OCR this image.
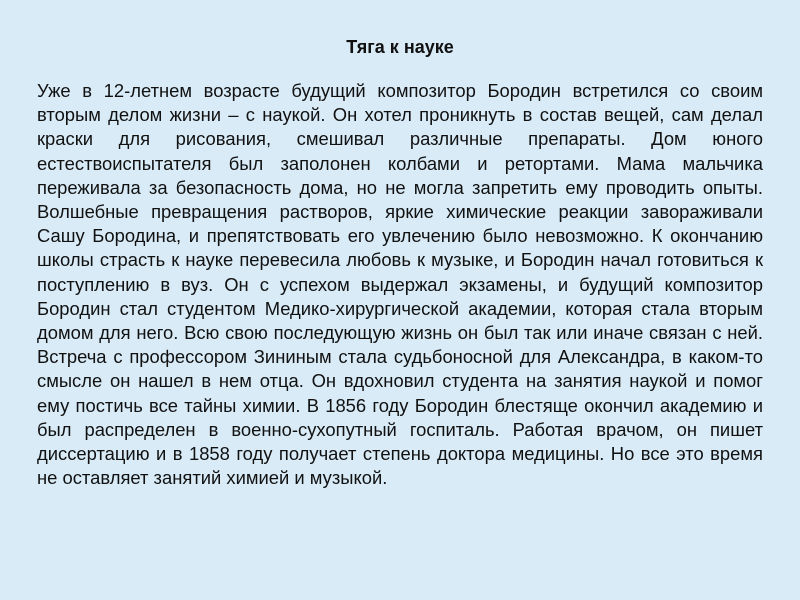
Тяга к науке

Уже в 12-летнем возрасте будущий композитор Бородин встретился со своим вторым делом жизни – с наукой. Он хотел проникнуть в состав вещей, сам делал краски для рисования, смешивал различные препараты. Дом юного естествоиспытателя был заполонен колбами и ретортами. Мама мальчика переживала за безопасность дома, но не могла запретить ему проводить опыты. Волшебные превращения растворов, яркие химические реакции завораживали Сашу Бородина, и препятствовать его увлечению было невозможно. К окончанию школы страсть к науке перевесила любовь к музыке, и Бородин начал готовиться к поступлению в вуз. Он с успехом выдержал экзамены, и будущий композитор Бородин стал студентом Медико-хирургической академии, которая стала вторым домом для него. Всю свою последующую жизнь он был так или иначе связан с ней. Встреча с профессором Зининым стала судьбоносной для Александра, в каком-то смысле он нашел в нем отца. Он вдохновил студента на занятия наукой и помог ему постичь все тайны химии. В 1856 году Бородин блестяще окончил академию и был распределен в военно-сухопутный госпиталь. Работая врачом, он пишет диссертацию и в 1858 году получает степень доктора медицины. Но все это время не оставляет занятий химией и музыкой.
